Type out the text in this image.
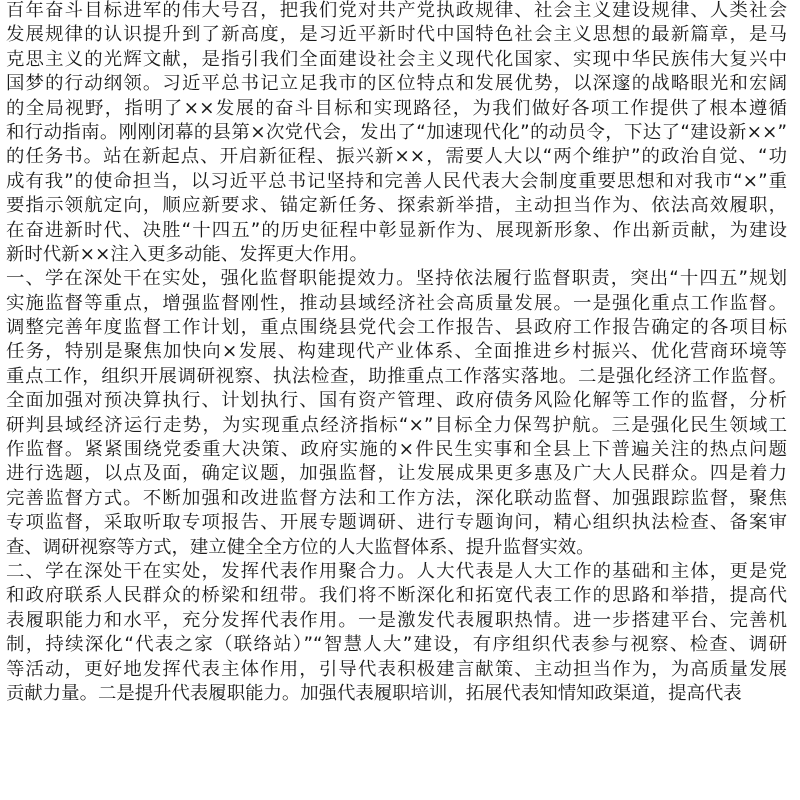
百年奋斗目标进军的伟大号召，把我们党对共产党执政规律、社会主义建设规律、人类社会
发展规律的认识提升到了新高度，是习近平新时代中国特色社会主义思想的最新篇章，是马
克思主义的光辉文献，是指引我们全面建设社会主义现代化国家、实现中华民族伟大复兴中
国梦的行动纲领。习近平总书记立足我市的区位特点和发展优势，以深邃的战略眼光和宏阔
的全局视野，指明了××发展的奋斗目标和实现路径，为我们做好各项工作提供了根本遵循
和行动指南。刚刚闭幕的县第×次党代会，发出了“加速现代化”的动员令，下达了“建设新××”
的任务书。站在新起点、开启新征程、振兴新××，需要人大以“两个维护”的政治自觉、“功
成有我”的使命担当，以习近平总书记坚持和完善人民代表大会制度重要思想和对我市“×”重
要指示领航定向，顺应新要求、锚定新任务、探索新举措，主动担当作为、依法高效履职，
在奋进新时代、决胜“十四五”的历史征程中彰显新作为、展现新形象、作出新贡献，为建设
新时代新××注入更多动能、发挥更大作用。
一、学在深处干在实处，强化监督职能提效力。坚持依法履行监督职责，突出“十四五”规划
实施监督等重点，增强监督刚性，推动县域经济社会高质量发展。一是强化重点工作监督。
调整完善年度监督工作计划，重点围绕县党代会工作报告、县政府工作报告确定的各项目标
任务，特别是聚焦加快向×发展、构建现代产业体系、全面推进乡村振兴、优化营商环境等
重点工作，组织开展调研视察、执法检查，助推重点工作落实落地。二是强化经济工作监督。
全面加强对预决算执行、计划执行、国有资产管理、政府债务风险化解等工作的监督，分析
研判县域经济运行走势，为实现重点经济指标“×”目标全力保驾护航。三是强化民生领域工
作监督。紧紧围绕党委重大决策、政府实施的×件民生实事和全县上下普遍关注的热点问题
进行选题，以点及面，确定议题，加强监督，让发展成果更多惠及广大人民群众。四是着力
完善监督方式。不断加强和改进监督方法和工作方法，深化联动监督、加强跟踪监督，聚焦
专项监督，采取听取专项报告、开展专题调研、进行专题询问，精心组织执法检查、备案审
查、调研视察等方式，建立健全全方位的人大监督体系、提升监督实效。
二、学在深处干在实处，发挥代表作用聚合力。人大代表是人大工作的基础和主体，更是党
和政府联系人民群众的桥梁和纽带。我们将不断深化和拓宽代表工作的思路和举措，提高代
表履职能力和水平，充分发挥代表作用。一是激发代表履职热情。进一步搭建平台、完善机
制，持续深化“代表之家（联络站）”“智慧人大”建设，有序组织代表参与视察、检查、调研
等活动，更好地发挥代表主体作用，引导代表积极建言献策、主动担当作为，为高质量发展
贡献力量。二是提升代表履职能力。加强代表履职培训，拓展代表知情知政渠道，提高代表
